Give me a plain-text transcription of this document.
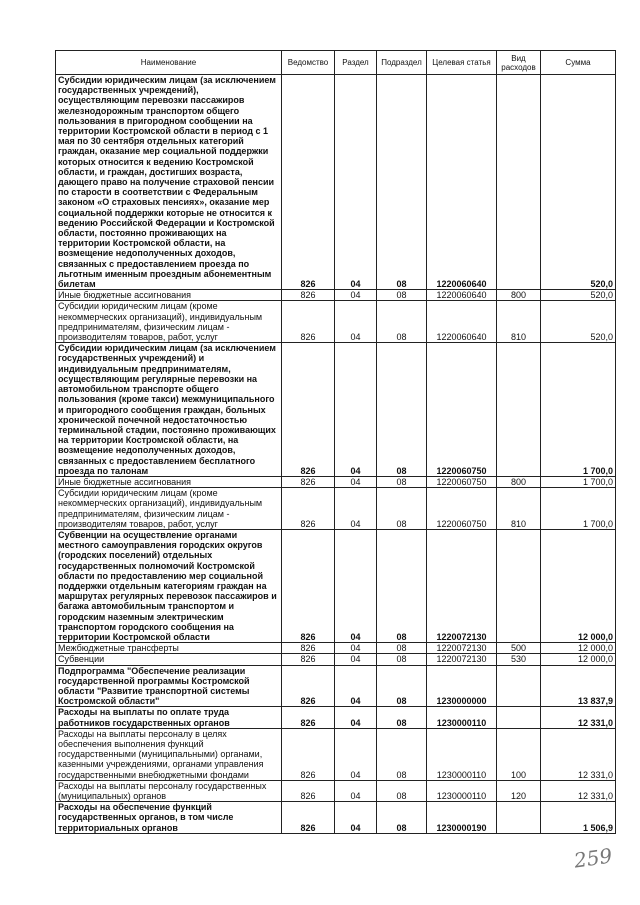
Наименование	Ведомство	Раздел	Подраздел	Целевая статья	Вид расходов	Сумма
Субсидии юридическим лицам (за исключением государственных учреждений), осуществляющим перевозки пассажиров железнодорожным транспортом общего пользования в пригородном сообщении на территории Костромской области в период с 1 мая по 30 сентября отдельных категорий граждан, оказание мер социальной поддержки которых относится к ведению Костромской области, и граждан, достигших возраста, дающего право на получение страховой пенсии по старости в соответствии с Федеральным законом «О страховых пенсиях», оказание мер социальной поддержки которые не относится к ведению Российской Федерации и Костромской области, постоянно проживающих на территории Костромской области, на возмещение недополученных доходов, связанных с предоставлением проезда по льготным именным проездным абонементным билетам	826	04	08	1220060640		520,0
Иные бюджетные ассигнования	826	04	08	1220060640	800	520,0
Субсидии юридическим лицам (кроме некоммерческих организаций), индивидуальным предпринимателям, физическим лицам - производителям товаров, работ, услуг	826	04	08	1220060640	810	520,0
Субсидии юридическим лицам (за исключением государственных учреждений) и индивидуальным предпринимателям, осуществляющим регулярные перевозки на автомобильном транспорте общего пользования (кроме такси) межмуниципального и пригородного сообщения граждан, больных хронической почечной недостаточностью терминальной стадии, постоянно проживающих на территории Костромской области, на возмещение недополученных доходов, связанных с предоставлением бесплатного проезда по талонам	826	04	08	1220060750		1 700,0
Иные бюджетные ассигнования	826	04	08	1220060750	800	1 700,0
Субсидии юридическим лицам (кроме некоммерческих организаций), индивидуальным предпринимателям, физическим лицам - производителям товаров, работ, услуг	826	04	08	1220060750	810	1 700,0
Субвенции на осуществление органами местного самоуправления городских округов (городских поселений) отдельных государственных полномочий Костромской области по предоставлению мер социальной поддержки отдельным категориям граждан на маршрутах регулярных перевозок пассажиров и багажа автомобильным транспортом и городским наземным электрическим транспортом городского сообщения на территории Костромской области	826	04	08	1220072130		12 000,0
Межбюджетные трансферты	826	04	08	1220072130	500	12 000,0
Субвенции	826	04	08	1220072130	530	12 000,0
Подпрограмма "Обеспечение реализации государственной программы Костромской области "Развитие транспортной системы Костромской области"	826	04	08	1230000000		13 837,9
Расходы на выплаты по оплате труда работников государственных органов	826	04	08	1230000110		12 331,0
Расходы на выплаты персоналу в целях обеспечения выполнения функций государственными (муниципальными) органами, казенными учреждениями, органами управления государственными внебюджетными фондами	826	04	08	1230000110	100	12 331,0
Расходы на выплаты персоналу государственных (муниципальных) органов	826	04	08	1230000110	120	12 331,0
Расходы на обеспечение функций государственных органов, в том числе территориальных органов	826	04	08	1230000190		1 506,9
259
